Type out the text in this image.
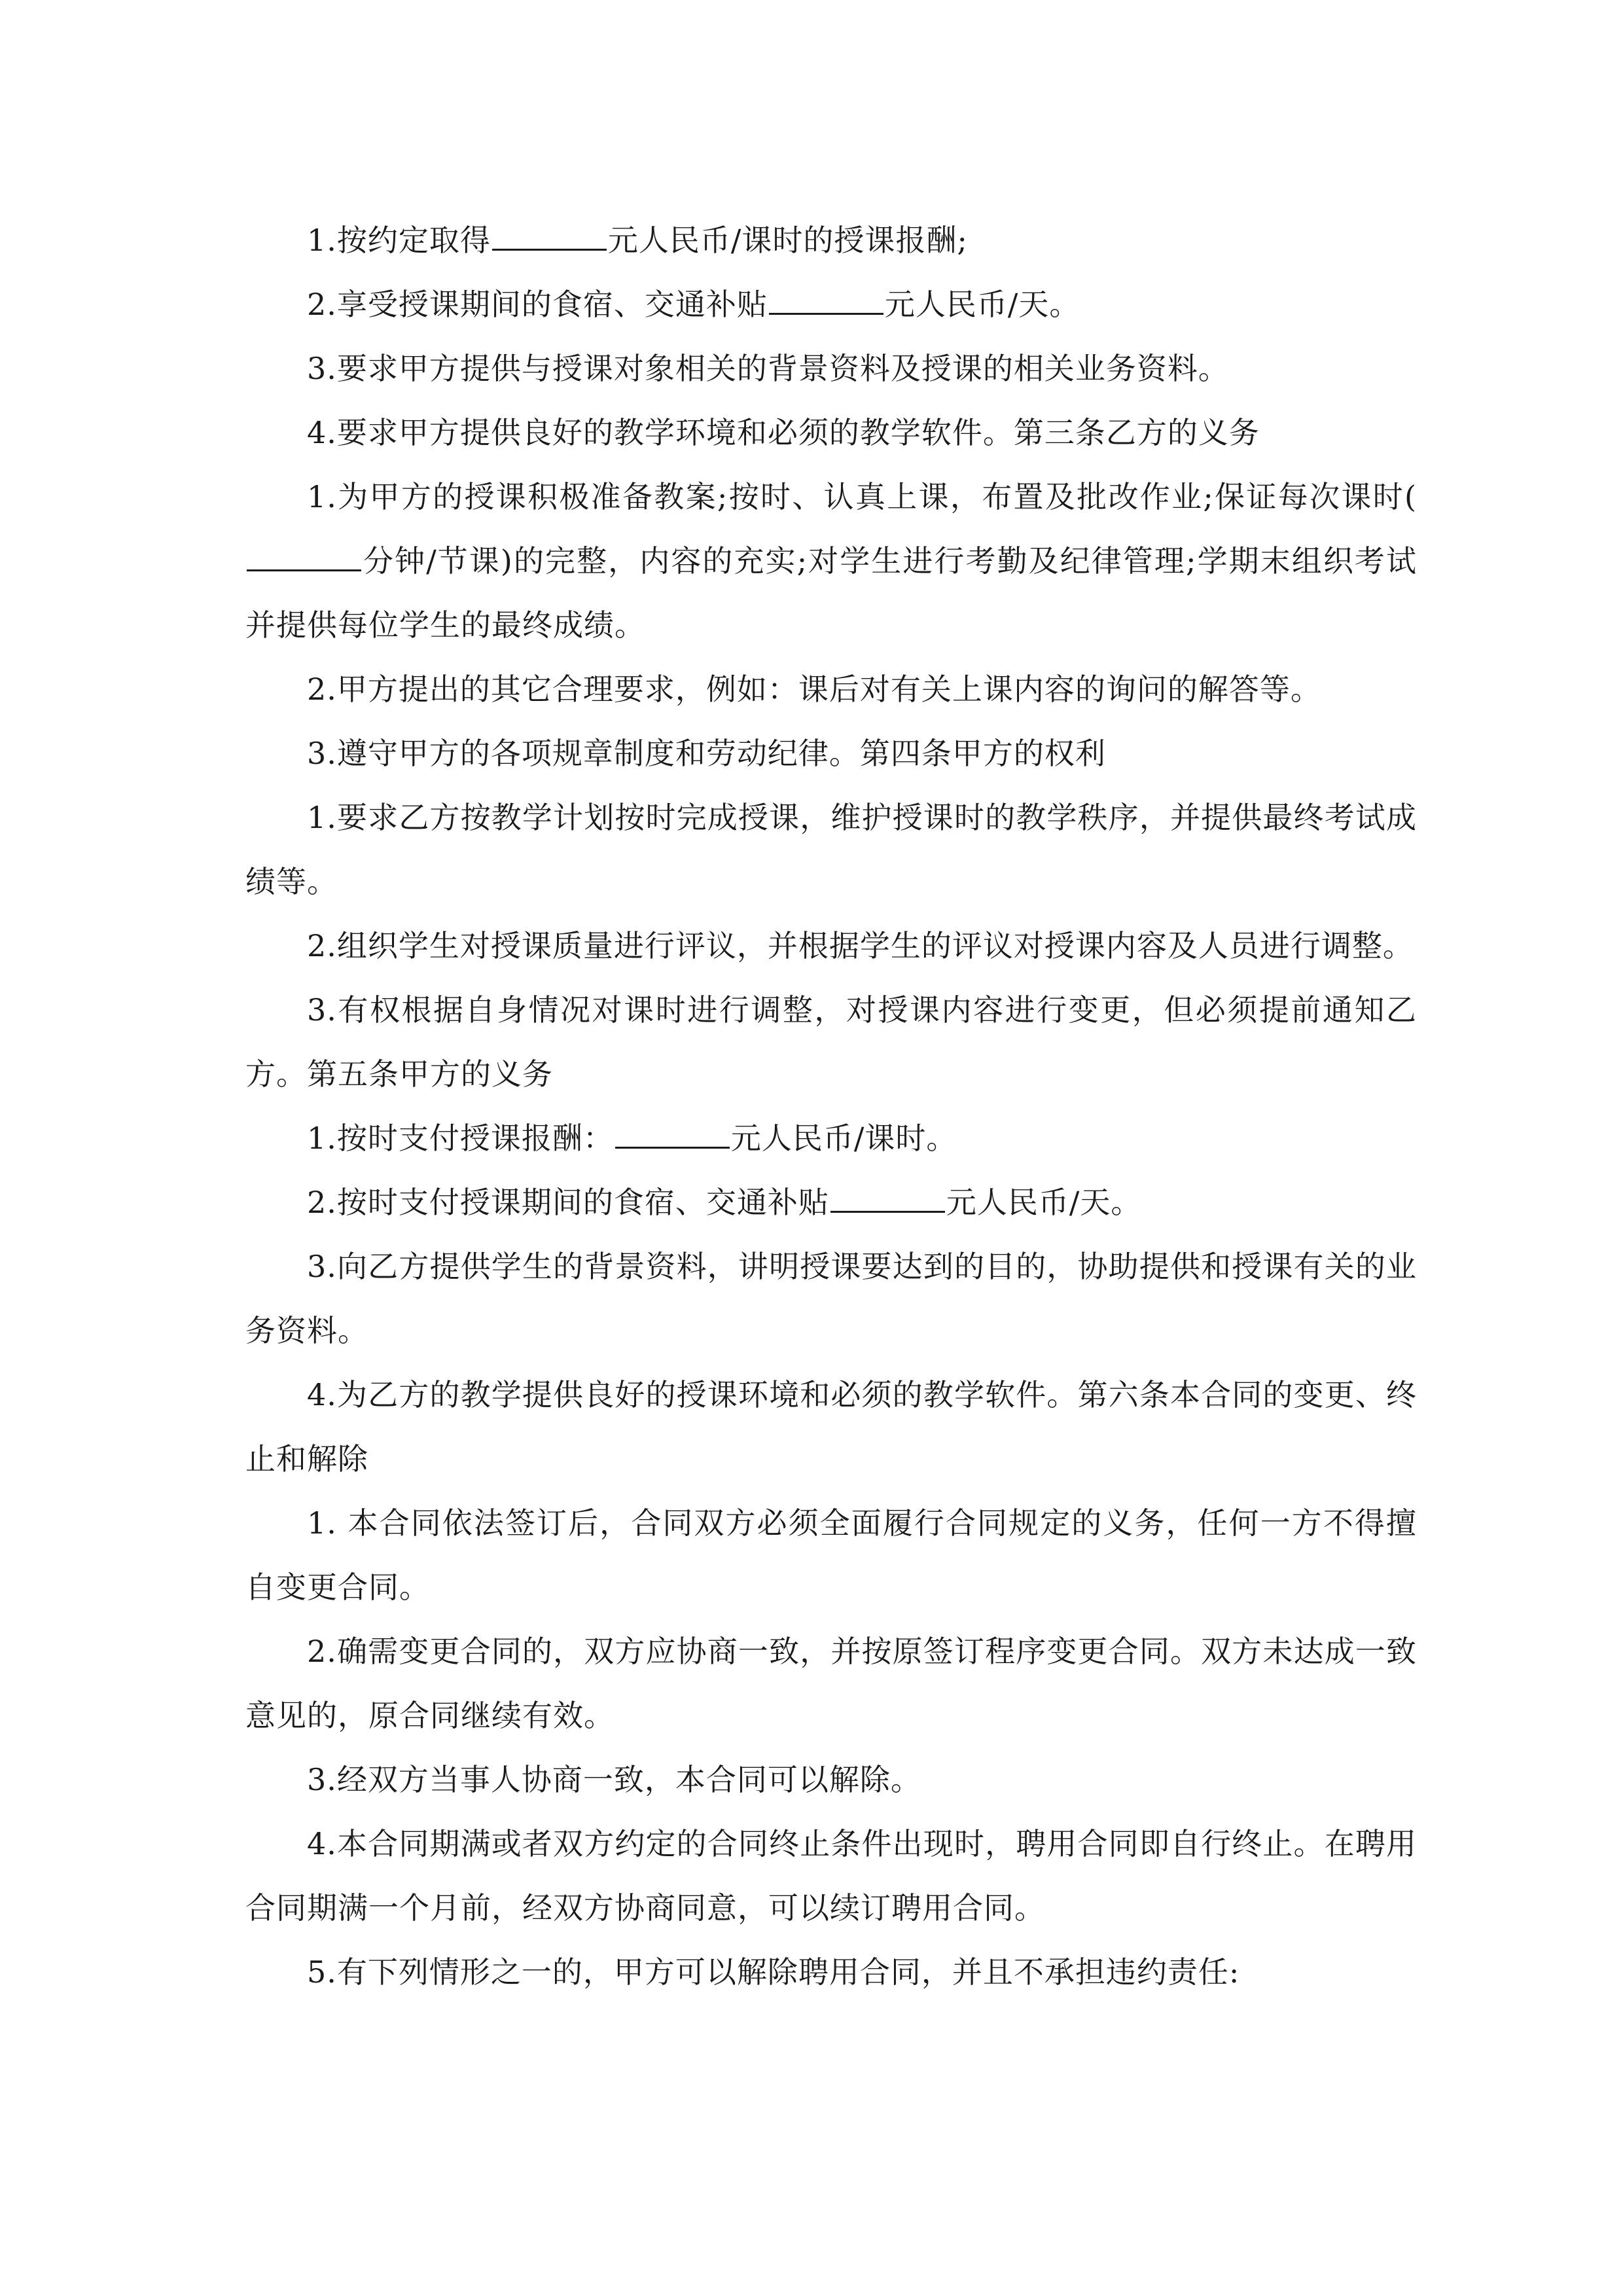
1.按约定取得	元人民币/课时的授课报酬;

2.享受授课期间的食宿、交通补贴	元人民币/天。

3.要求甲方提供与授课对象相关的背景资料及授课的相关业务资料。

4.要求甲方提供良好的教学环境和必须的教学软件。第三条乙方的义务

1.为甲方的授课积极准备教案;按时、认真上课，布置及批改作业;保证每次课时(分钟/节课)的完整，内容的充实;对学生进行考勤及纪律管理;学期末组织考试并提供每位学生的最终成绩。

2.甲方提出的其它合理要求，例如：课后对有关上课内容的询问的解答等。

3.遵守甲方的各项规章制度和劳动纪律。第四条甲方的权利

1.要求乙方按教学计划按时完成授课，维护授课时的教学秩序，并提供最终考试成绩等。

2.组织学生对授课质量进行评议，并根据学生的评议对授课内容及人员进行调整。

3.有权根据自身情况对课时进行调整，对授课内容进行变更，但必须提前通知乙方。第五条甲方的义务

1.按时支付授课报酬：	元人民币/课时。

2.按时支付授课期间的食宿、交通补贴	元人民币/天。

3.向乙方提供学生的背景资料，讲明授课要达到的目的，协助提供和授课有关的业务资料。

4.为乙方的教学提供良好的授课环境和必须的教学软件。第六条本合同的变更、终止和解除

1. 本合同依法签订后，合同双方必须全面履行合同规定的义务，任何一方不得擅自变更合同。

2.确需变更合同的，双方应协商一致，并按原签订程序变更合同。双方未达成一致意见的，原合同继续有效。

3.经双方当事人协商一致，本合同可以解除。

4.本合同期满或者双方约定的合同终止条件出现时，聘用合同即自行终止。在聘用合同期满一个月前，经双方协商同意，可以续订聘用合同。

5.有下列情形之一的，甲方可以解除聘用合同，并且不承担违约责任:
